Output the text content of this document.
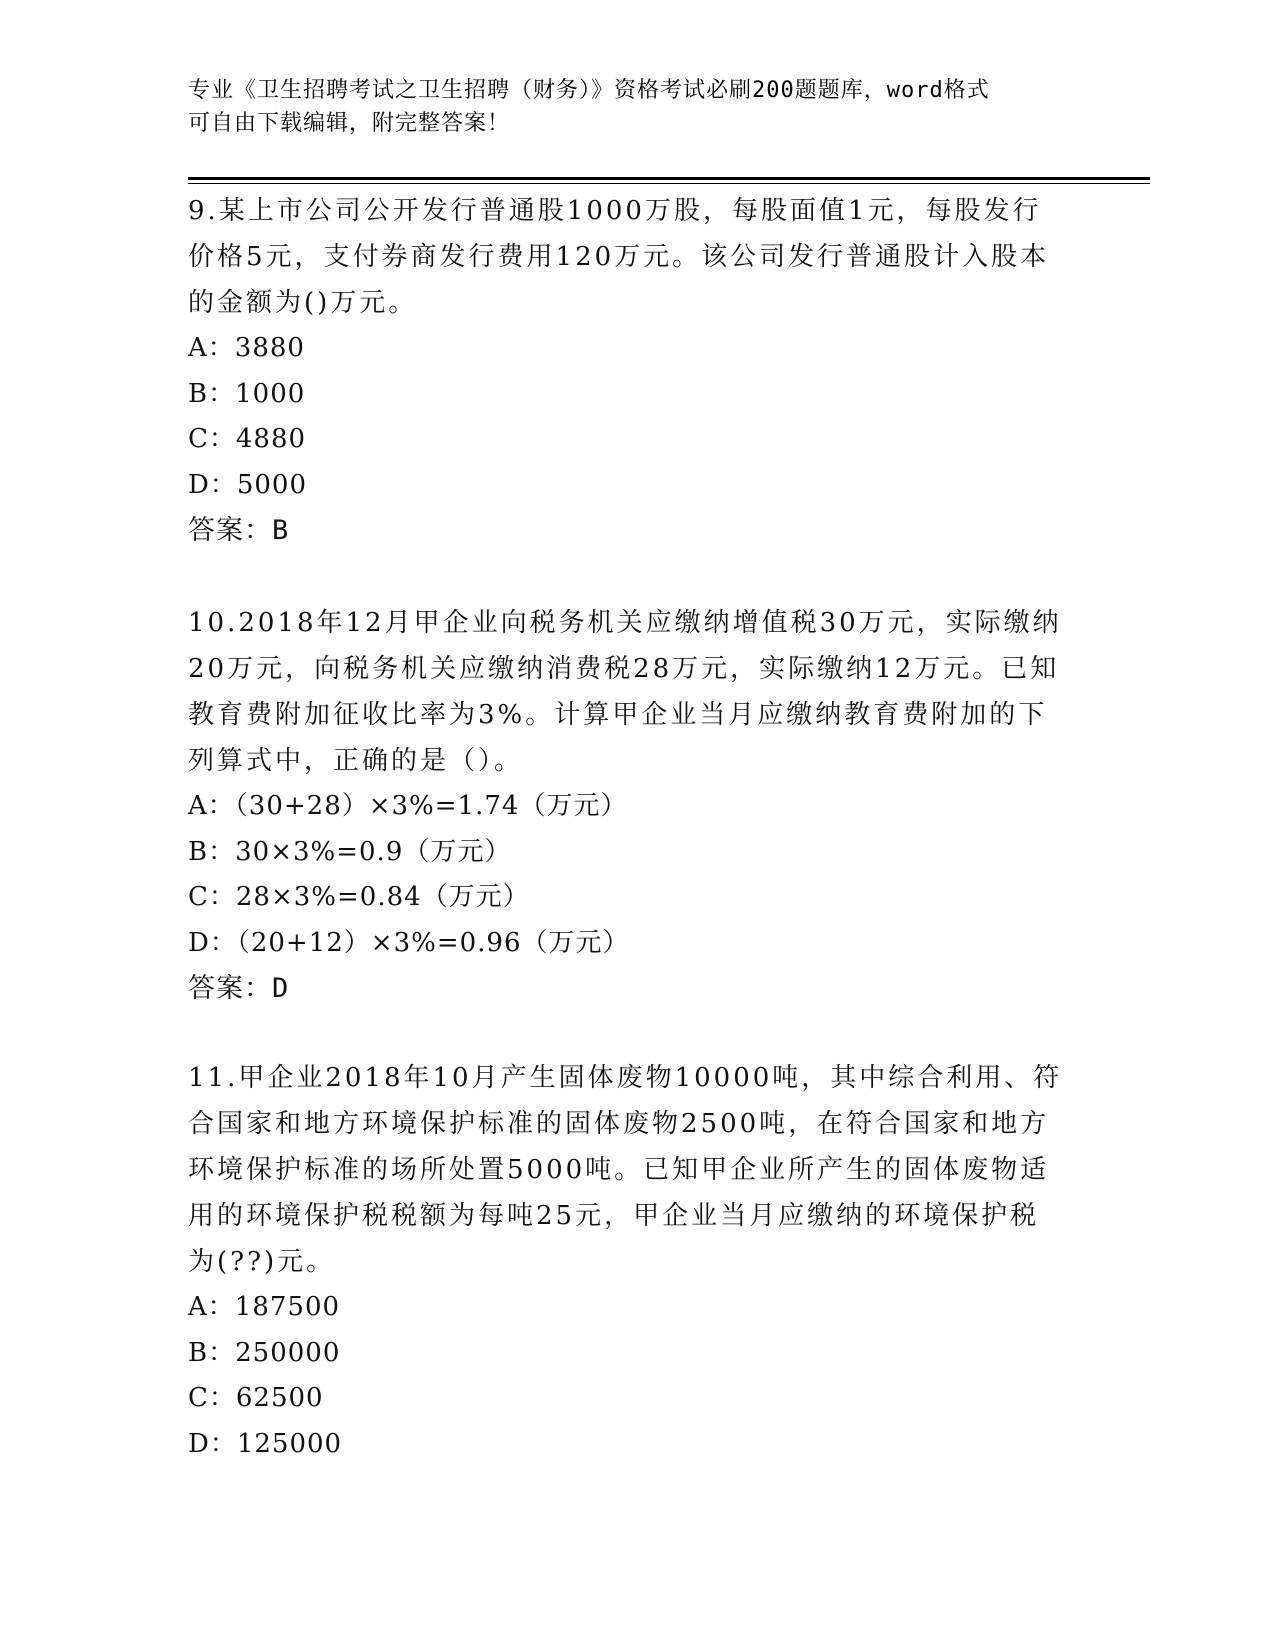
专业《卫生招聘考试之卫生招聘（财务）》资格考试必刷200题题库，word格式
可自由下载编辑，附完整答案！
9.某上市公司公开发行普通股1000万股，每股面值1元，每股发行价格5元，支付券商发行费用120万元。该公司发行普通股计入股本的金额为()万元。
A：3880
B：1000
C：4880
D：5000
答案：B
10.2018年12月甲企业向税务机关应缴纳增值税30万元，实际缴纳20万元，向税务机关应缴纳消费税28万元，实际缴纳12万元。已知教育费附加征收比率为3%。计算甲企业当月应缴纳教育费附加的下列算式中，正确的是（）。
A：（30+28）×3%=1.74（万元）
B：30×3%=0.9（万元）
C：28×3%=0.84（万元）
D：（20+12）×3%=0.96（万元）
答案：D
11.甲企业2018年10月产生固体废物10000吨，其中综合利用、符合国家和地方环境保护标准的固体废物2500吨，在符合国家和地方环境保护标准的场所处置5000吨。已知甲企业所产生的固体废物适用的环境保护税税额为每吨25元，甲企业当月应缴纳的环境保护税为(??)元。
A：187500
B：250000
C：62500
D：125000
